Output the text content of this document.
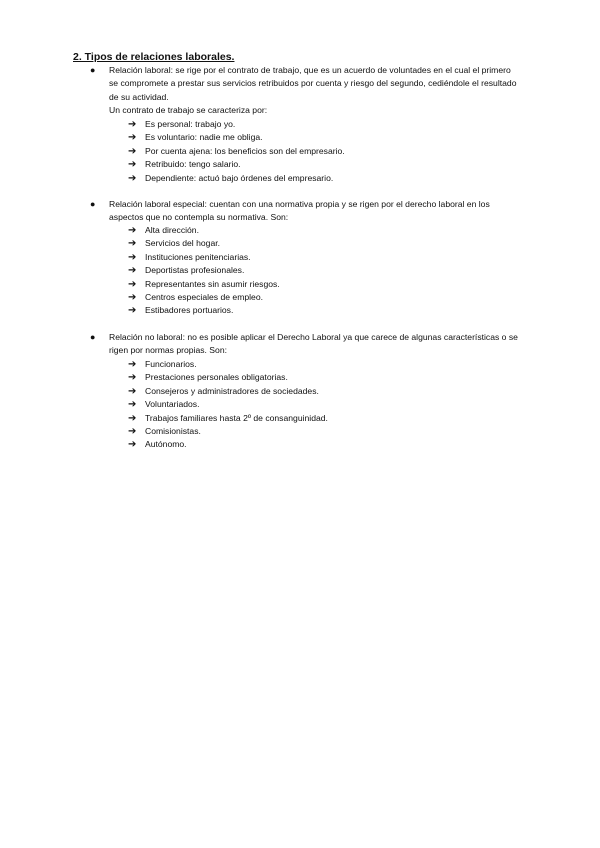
2. Tipos de relaciones laborales.
● Relación laboral: se rige por el contrato de trabajo, que es un acuerdo de voluntades en el cual el primero se compromete a prestar sus servicios retribuidos por cuenta y riesgo del segundo, cediéndole el resultado de su actividad.

Un contrato de trabajo se caracteriza por:

➔	Es personal: trabajo yo.
➔	Es voluntario: nadie me obliga.
➔	Por cuenta ajena: los beneficios son del empresario.
➔	Retribuido: tengo salario.
➔	Dependiente: actuó bajo órdenes del empresario.
● Relación laboral especial: cuentan con una normativa propia y se rigen por el derecho laboral en los aspectos que no contempla su normativa. Son:

➔	Alta dirección.
➔	Servicios del hogar.
➔	Instituciones penitenciarias.
➔	Deportistas profesionales.
➔	Representantes sin asumir riesgos.
➔	Centros especiales de empleo.
➔	Estibadores portuarios.
● Relación no laboral: no es posible aplicar el Derecho Laboral ya que carece de algunas características o se rigen por normas propias. Son:

➔	Funcionarios.
➔	Prestaciones personales obligatorias.
➔	Consejeros y administradores de sociedades.
➔	Voluntariados.
➔	Trabajos familiares hasta 2º de consanguinidad.
➔	Comisionistas.
➔	Autónomo.
